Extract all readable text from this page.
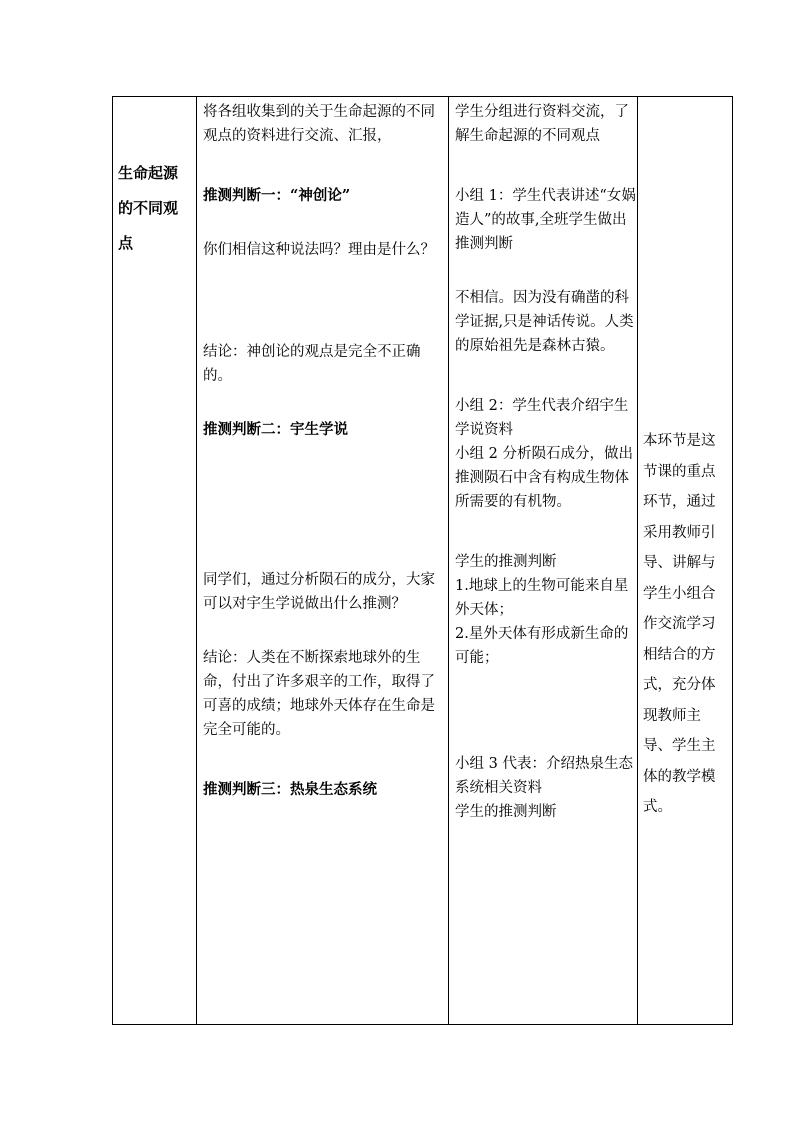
生命起源的不同观点

将各组收集到的关于生命起源的不同观点的资料进行交流、汇报，

推测判断一：“神创论”

你们相信这种说法吗？理由是什么？

结论：神创论的观点是完全不正确的。

推测判断二：宇生学说

同学们，通过分析陨石的成分，大家可以对宇生学说做出什么推测？

结论：人类在不断探索地球外的生命，付出了许多艰辛的工作，取得了可喜的成绩；地球外天体存在生命是完全可能的。

推测判断三：热泉生态系统

学生分组进行资料交流，了解生命起源的不同观点

小组 1：学生代表讲述“女娲造人”的故事,全班学生做出推测判断

不相信。因为没有确凿的科学证据,只是神话传说。人类的原始祖先是森林古猿。

小组 2：学生代表介绍宇生学说资料

小组 2 分析陨石成分，做出推测陨石中含有构成生物体所需要的有机物。

学生的推测判断

1.地球上的生物可能来自星外天体；

2.星外天体有形成新生命的可能；

小组 3 代表：介绍热泉生态系统相关资料

学生的推测判断

本环节是这节课的重点环节，通过采用教师引导、讲解与学生小组合作交流学习相结合的方式，充分体现教师主导、学生主体的教学模式。
